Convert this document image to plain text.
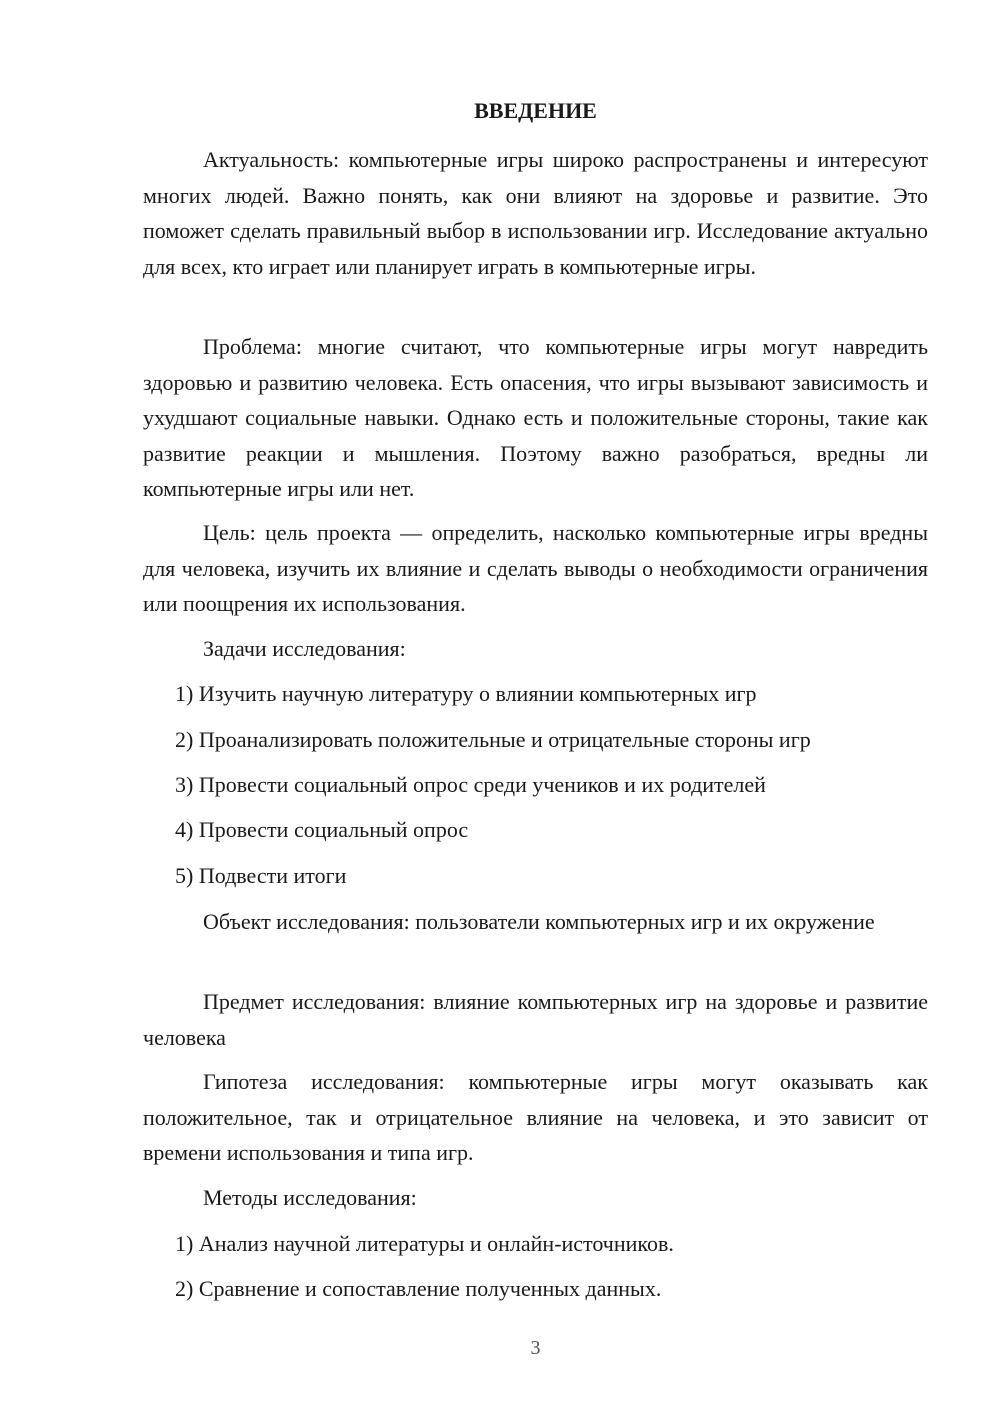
ВВЕДЕНИЕ

Актуальность: компьютерные игры широко распространены и интересуют многих людей. Важно понять, как они влияют на здоровье и развитие. Это поможет сделать правильный выбор в использовании игр. Исследование актуально для всех, кто играет или планирует играть в компьютерные игры.

Проблема: многие считают, что компьютерные игры могут навредить здоровью и развитию человека. Есть опасения, что игры вызывают зависимость и ухудшают социальные навыки. Однако есть и положительные стороны, такие как развитие реакции и мышления. Поэтому важно разобраться, вредны ли компьютерные игры или нет.

Цель: цель проекта — определить, насколько компьютерные игры вредны для человека, изучить их влияние и сделать выводы о необходимости ограничения или поощрения их использования.

Задачи исследования:
1) Изучить научную литературу о влиянии компьютерных игр
2) Проанализировать положительные и отрицательные стороны игр
3) Провести социальный опрос среди учеников и их родителей
4) Провести социальный опрос
5) Подвести итоги

Объект исследования: пользователи компьютерных игр и их окружение

Предмет исследования: влияние компьютерных игр на здоровье и развитие человека

Гипотеза исследования: компьютерные игры могут оказывать как положительное, так и отрицательное влияние на человека, и это зависит от времени использования и типа игр.

Методы исследования:
1) Анализ научной литературы и онлайн-источников.
2) Сравнение и сопоставление полученных данных.
3
